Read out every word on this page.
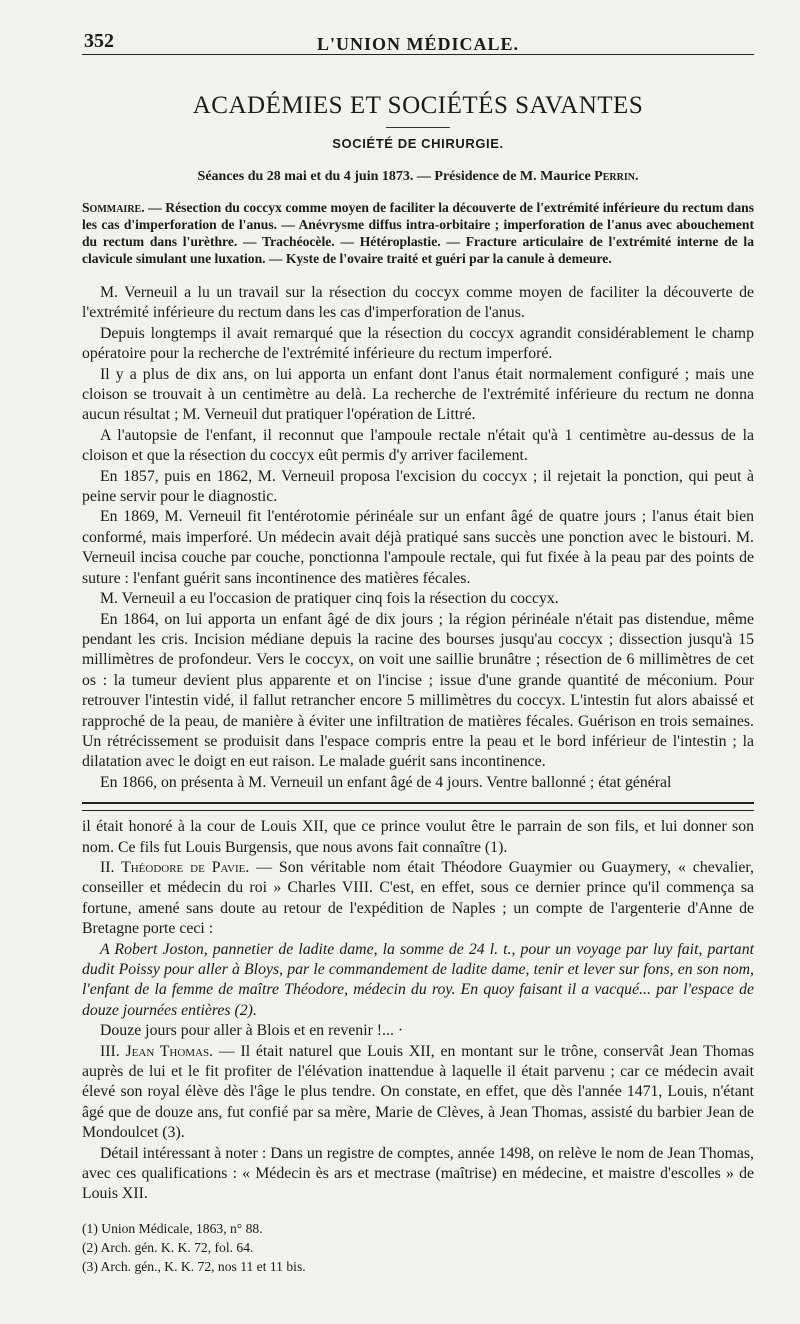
352	L'UNION MÉDICALE.
ACADÉMIES ET SOCIÉTÉS SAVANTES
SOCIÉTÉ DE CHIRURGIE.
Séances du 28 mai et du 4 juin 1873. — Présidence de M. Maurice Perrin.
Sommaire. — Résection du coccyx comme moyen de faciliter la découverte de l'extrémité inférieure du rectum dans les cas d'imperforation de l'anus. — Anévrysme diffus intra-orbitaire ; imperforation de l'anus avec abouchement du rectum dans l'urèthre. — Trachéocèle. — Hétéroplastie. — Fracture articulaire de l'extrémité interne de la clavicule simulant une luxation. — Kyste de l'ovaire traité et guéri par la canule à demeure.

M. Verneuil a lu un travail sur la résection du coccyx comme moyen de faciliter la découverte de l'extrémité inférieure du rectum dans les cas d'imperforation de l'anus.

Depuis longtemps il avait remarqué que la résection du coccyx agrandit considérablement le champ opératoire pour la recherche de l'extrémité inférieure du rectum imperforé.

Il y a plus de dix ans, on lui apporta un enfant dont l'anus était normalement configuré ; mais une cloison se trouvait à un centimètre au delà. La recherche de l'extrémité inférieure du rectum ne donna aucun résultat ; M. Verneuil dut pratiquer l'opération de Littré.

A l'autopsie de l'enfant, il reconnut que l'ampoule rectale n'était qu'à 1 centimètre au-dessus de la cloison et que la résection du coccyx eût permis d'y arriver facilement.

En 1857, puis en 1862, M. Verneuil proposa l'excision du coccyx ; il rejetait la ponction, qui peut à peine servir pour le diagnostic.

En 1869, M. Verneuil fit l'entérotomie périnéale sur un enfant âgé de quatre jours ; l'anus était bien conformé, mais imperforé. Un médecin avait déjà pratiqué sans succès une ponction avec le bistouri. M. Verneuil incisa couche par couche, ponctionna l'ampoule rectale, qui fut fixée à la peau par des points de suture : l'enfant guérit sans incontinence des matières fécales.

M. Verneuil a eu l'occasion de pratiquer cinq fois la résection du coccyx.

En 1864, on lui apporta un enfant âgé de dix jours ; la région périnéale n'était pas distendue, même pendant les cris. Incision médiane depuis la racine des bourses jusqu'au coccyx ; dissection jusqu'à 15 millimètres de profondeur. Vers le coccyx, on voit une saillie brunâtre ; résection de 6 millimètres de cet os : la tumeur devient plus apparente et on l'incise ; issue d'une grande quantité de méconium. Pour retrouver l'intestin vidé, il fallut retrancher encore 5 millimètres du coccyx. L'intestin fut alors abaissé et rapproché de la peau, de manière à éviter une infiltration de matières fécales. Guérison en trois semaines. Un rétrécissement se produisit dans l'espace compris entre la peau et le bord inférieur de l'intestin ; la dilatation avec le doigt en eut raison. Le malade guérit sans incontinence.

En 1866, on présenta à M. Verneuil un enfant âgé de 4 jours. Ventre ballonné ; état général

il était honoré à la cour de Louis XII, que ce prince voulut être le parrain de son fils, et lui donner son nom. Ce fils fut Louis Burgensis, que nous avons fait connaître (1).

II. Théodore de Pavie. — Son véritable nom était Théodore Guaymier ou Guaymery, « chevalier, conseiller et médecin du roi » Charles VIII. C'est, en effet, sous ce dernier prince qu'il commença sa fortune, amené sans doute au retour de l'expédition de Naples ; un compte de l'argenterie d'Anne de Bretagne porte ceci :

A Robert Joston, pannetier de ladite dame, la somme de 24 l. t., pour un voyage par luy fait, partant dudit Poissy pour aller à Bloys, par le commandement de ladite dame, tenir et lever sur fons, en son nom, l'enfant de la femme de maître Théodore, médecin du roy. En quoy faisant il a vacqué... par l'espace de douze journées entières (2).

Douze jours pour aller à Blois et en revenir !... ·

III. Jean Thomas. — Il était naturel que Louis XII, en montant sur le trône, conservât Jean Thomas auprès de lui et le fit profiter de l'élévation inattendue à laquelle il était parvenu ; car ce médecin avait élevé son royal élève dès l'âge le plus tendre. On constate, en effet, que dès l'année 1471, Louis, n'étant âgé que de douze ans, fut confié par sa mère, Marie de Clèves, à Jean Thomas, assisté du barbier Jean de Mondoulcet (3).

Détail intéressant à noter : Dans un registre de comptes, année 1498, on relève le nom de Jean Thomas, avec ces qualifications : « Médecin ès ars et mectrase (maîtrise) en médecine, et maistre d'escolles » de Louis XII.

(1) Union Médicale, 1863, n° 88.
(2) Arch. gén. K. K. 72, fol. 64.
(3) Arch. gén., K. K. 72, nos 11 et 11 bis.
